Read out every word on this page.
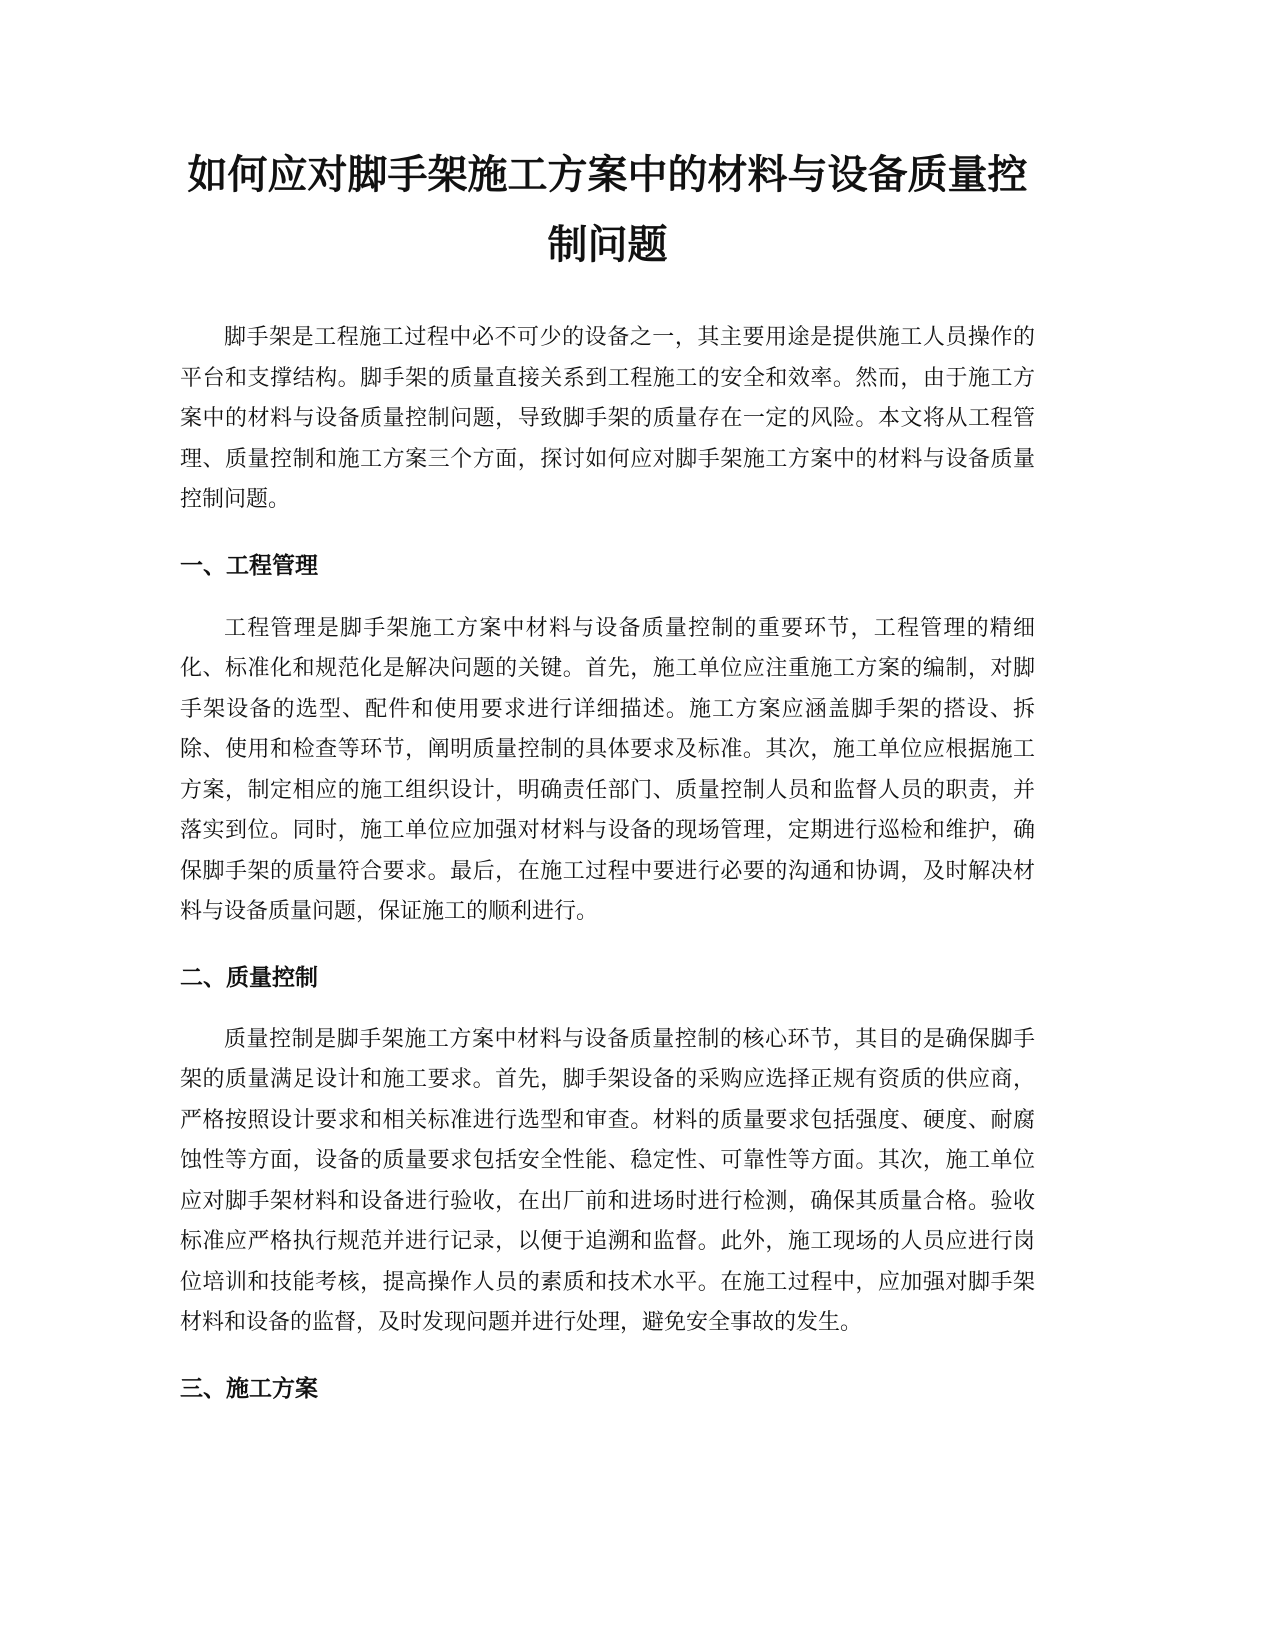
如何应对脚手架施工方案中的材料与设备质量控制问题

脚手架是工程施工过程中必不可少的设备之一，其主要用途是提供施工人员操作的平台和支撑结构。脚手架的质量直接关系到工程施工的安全和效率。然而，由于施工方案中的材料与设备质量控制问题，导致脚手架的质量存在一定的风险。本文将从工程管理、质量控制和施工方案三个方面，探讨如何应对脚手架施工方案中的材料与设备质量控制问题。

一、工程管理

工程管理是脚手架施工方案中材料与设备质量控制的重要环节，工程管理的精细化、标准化和规范化是解决问题的关键。首先，施工单位应注重施工方案的编制，对脚手架设备的选型、配件和使用要求进行详细描述。施工方案应涵盖脚手架的搭设、拆除、使用和检查等环节，阐明质量控制的具体要求及标准。其次，施工单位应根据施工方案，制定相应的施工组织设计，明确责任部门、质量控制人员和监督人员的职责，并落实到位。同时，施工单位应加强对材料与设备的现场管理，定期进行巡检和维护，确保脚手架的质量符合要求。最后，在施工过程中要进行必要的沟通和协调，及时解决材料与设备质量问题，保证施工的顺利进行。

二、质量控制

质量控制是脚手架施工方案中材料与设备质量控制的核心环节，其目的是确保脚手架的质量满足设计和施工要求。首先，脚手架设备的采购应选择正规有资质的供应商，严格按照设计要求和相关标准进行选型和审查。材料的质量要求包括强度、硬度、耐腐蚀性等方面，设备的质量要求包括安全性能、稳定性、可靠性等方面。其次，施工单位应对脚手架材料和设备进行验收，在出厂前和进场时进行检测，确保其质量合格。验收标准应严格执行规范并进行记录，以便于追溯和监督。此外，施工现场的人员应进行岗位培训和技能考核，提高操作人员的素质和技术水平。在施工过程中，应加强对脚手架材料和设备的监督，及时发现问题并进行处理，避免安全事故的发生。

三、施工方案
